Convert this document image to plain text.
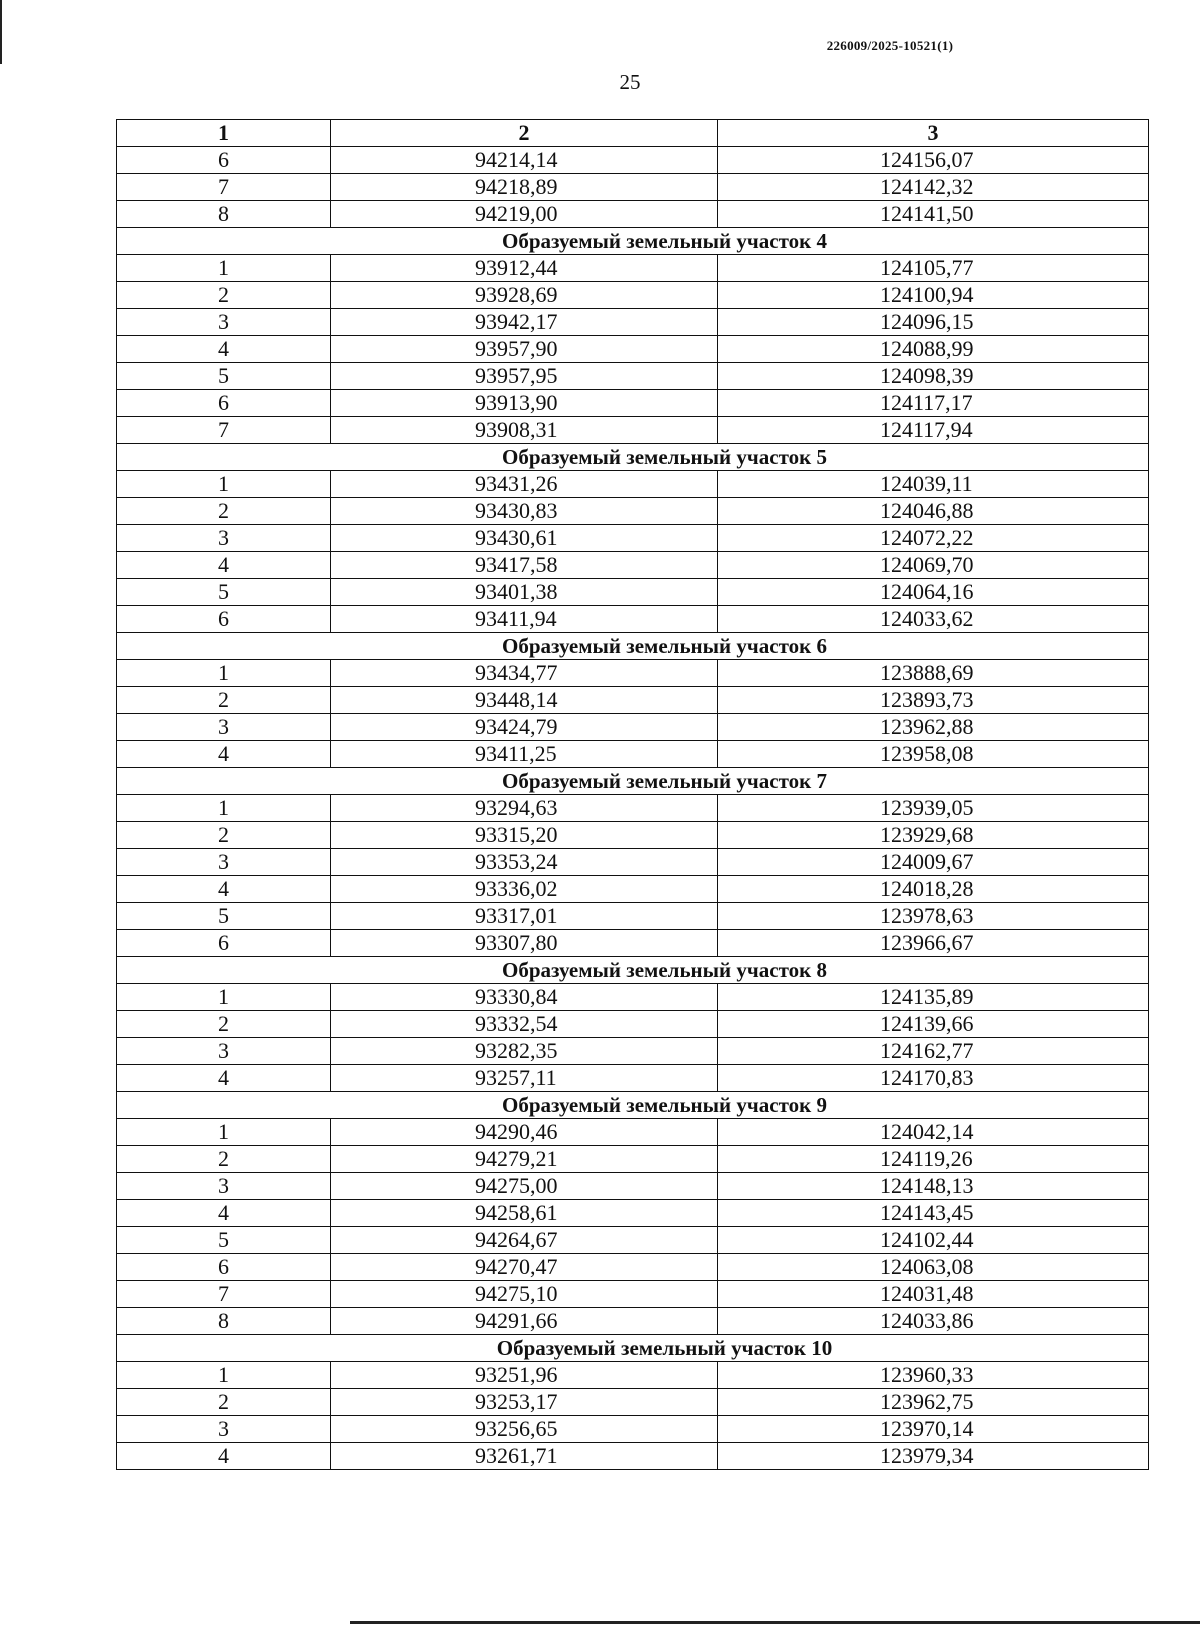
226009/2025-10521(1)
25
1	2	3
6	94214,14	124156,07
7	94218,89	124142,32
8	94219,00	124141,50
Образуемый земельный участок 4		
1	93912,44	124105,77
2	93928,69	124100,94
3	93942,17	124096,15
4	93957,90	124088,99
5	93957,95	124098,39
6	93913,90	124117,17
7	93908,31	124117,94
Образуемый земельный участок 5		
1	93431,26	124039,11
2	93430,83	124046,88
3	93430,61	124072,22
4	93417,58	124069,70
5	93401,38	124064,16
6	93411,94	124033,62
Образуемый земельный участок 6		
1	93434,77	123888,69
2	93448,14	123893,73
3	93424,79	123962,88
4	93411,25	123958,08
Образуемый земельный участок 7		
1	93294,63	123939,05
2	93315,20	123929,68
3	93353,24	124009,67
4	93336,02	124018,28
5	93317,01	123978,63
6	93307,80	123966,67
Образуемый земельный участок 8		
1	93330,84	124135,89
2	93332,54	124139,66
3	93282,35	124162,77
4	93257,11	124170,83
Образуемый земельный участок 9		
1	94290,46	124042,14
2	94279,21	124119,26
3	94275,00	124148,13
4	94258,61	124143,45
5	94264,67	124102,44
6	94270,47	124063,08
7	94275,10	124031,48
8	94291,66	124033,86
Образуемый земельный участок 10		
1	93251,96	123960,33
2	93253,17	123962,75
3	93256,65	123970,14
4	93261,71	123979,34
